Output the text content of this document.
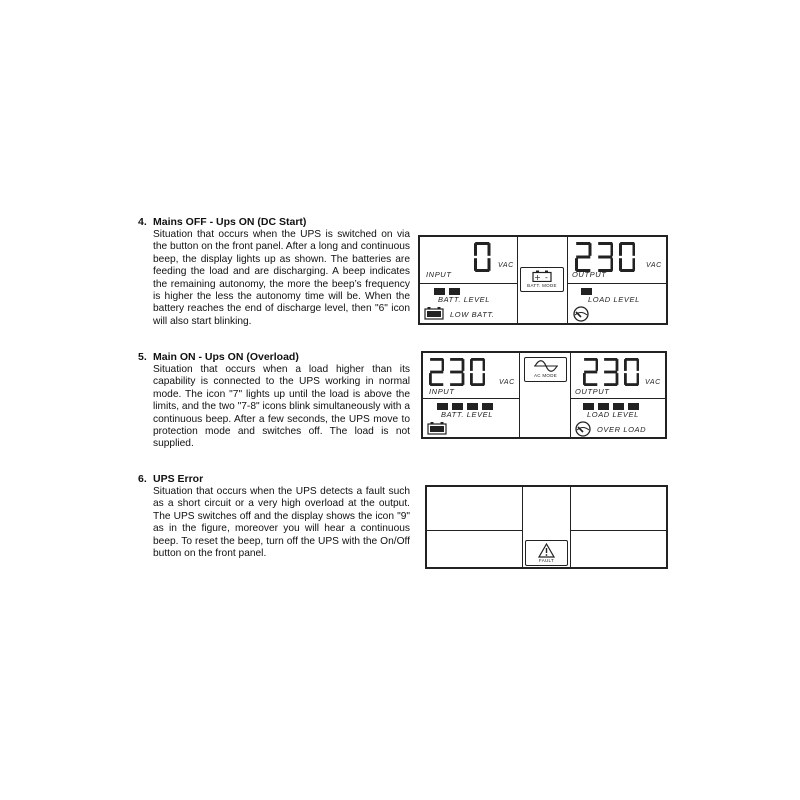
4. Mains OFF - Ups ON (DC Start)
Situation that occurs when the UPS is switched on via the button on the front panel. After a long and continuous beep, the display lights up as shown. The batteries are feeding the load and are discharging. A beep indicates the remaining autonomy, the more the beep’s frequency is higher the less the autonomy time will be. When the battery reaches the end of discharge level, then "6" icon will also start blinking.
5. Main ON - Ups ON (Overload)
Situation that occurs when a load higher than its capability is connected to the UPS working in normal mode. The icon "7" lights up until the load is above the limits, and the two "7-8" icons blink simultaneously with a continuous beep. After a few seconds, the UPS move to protection mode and switches off. The load is not supplied.
6. UPS Error
Situation that occurs when the UPS detects a fault such as a short circuit or a very high overload at the output. The UPS switches off and the display shows the icon "9" as in the figure, moreover you will hear a continuous beep. To reset the beep, turn off the UPS with the On/Off button on the front panel.
VAC
INPUT
VAC
OUTPUT
+ -
BATT. MODE
BATT. LEVEL
LOW BATT.
LOAD LEVEL
VAC
INPUT
VAC
OUTPUT
AC MODE
BATT. LEVEL	LOAD LEVEL
OVER LOAD
FAULT
